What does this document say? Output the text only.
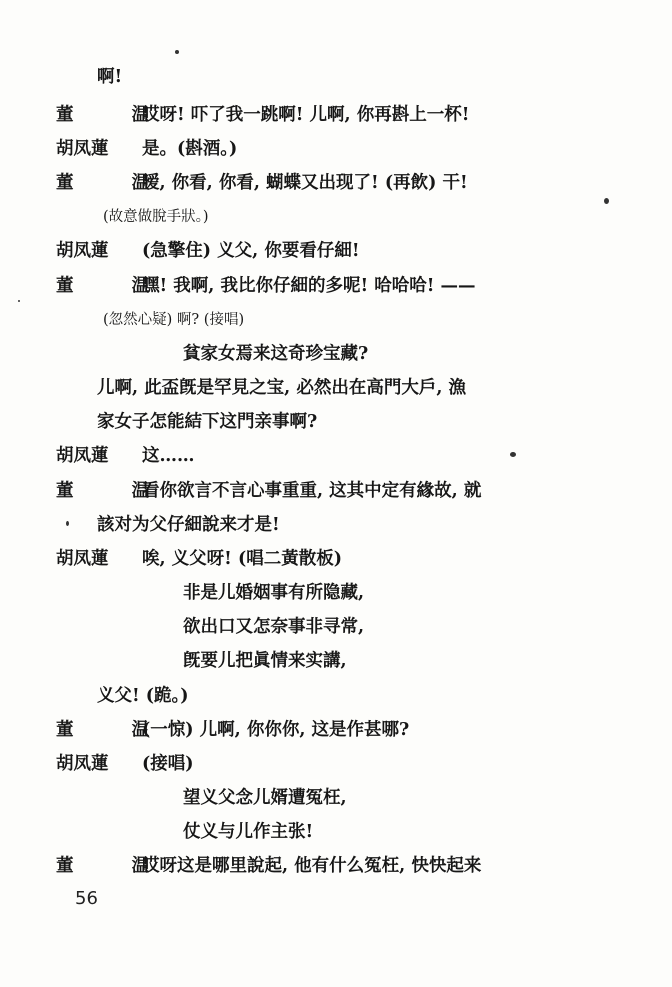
啊!
董 温哎呀! 吓了我一跳啊! 儿啊, 你再斟上一杯!
胡凤蓮 是。(斟酒。)
董 温嗳, 你看, 你看, 蝴蝶又出现了! (再飲) 干!
(故意做脫手狀。)
胡凤蓮 (急擎住) 义父, 你要看仔細!
董 温嘿! 我啊, 我比你仔細的多呢! 哈哈哈! ——
(忽然心疑) 啊? (接唱)
貧家女焉来这奇珍宝藏?
儿啊, 此盃旣是罕見之宝, 必然出在高門大戶, 漁
家女子怎能結下这門亲事啊?
胡凤蓮 这……
董 温看你欲言不言心事重重, 这其中定有緣故, 就
該对为父仔細說来才是!
胡凤蓮 唉, 义父呀! (唱二黃散板)
非是儿婚姻事有所隐藏,
欲出口又怎奈事非寻常,
旣要儿把眞情来实講,
义父! (跪。)
董 温(一惊) 儿啊, 你你你, 这是作甚哪?
胡凤蓮 (接唱)
望义父念儿婿遭冤枉,
仗义与儿作主张!
董 温哎呀这是哪里說起, 他有什么冤枉, 快快起来
56
